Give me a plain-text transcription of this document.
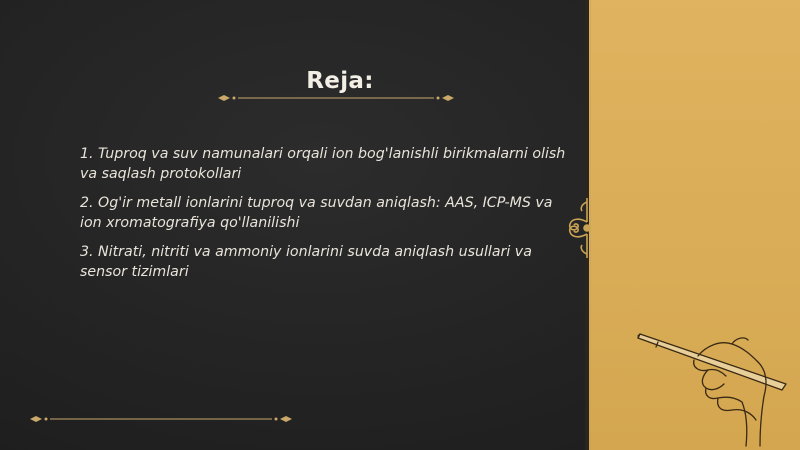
Reja:
1. Tuproq va suv namunalari orqali ion bog'lanishli birikmalarni olish va saqlash protokollari
2. Og'ir metall ionlarini tuproq va suvdan aniqlash: AAS, ICP-MS va ion xromatografiya qo'llanilishi
3. Nitrati, nitriti va ammoniy ionlarini suvda aniqlash usullari va sensor tizimlari
